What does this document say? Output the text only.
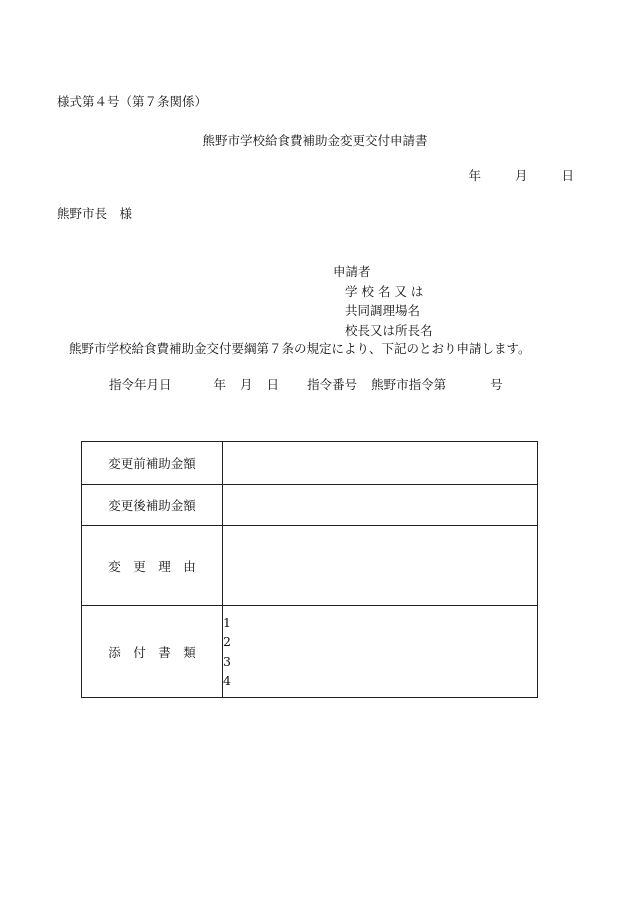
様式第４号（第７条関係）
熊野市学校給食費補助金変更交付申請書
年	月	日
熊野市長　様
申請者
学 校 名 又 は
共同調理場名
校長又は所長名
熊野市学校給食費補助金交付要綱第７条の規定により、下記のとおり申請します。
指令年月日	年 月 日 指令番号 熊野市指令第	号
変更前補助金額	
変更後補助金額	
変　更　理　由	
添　付　書　類	1
2
3
4
